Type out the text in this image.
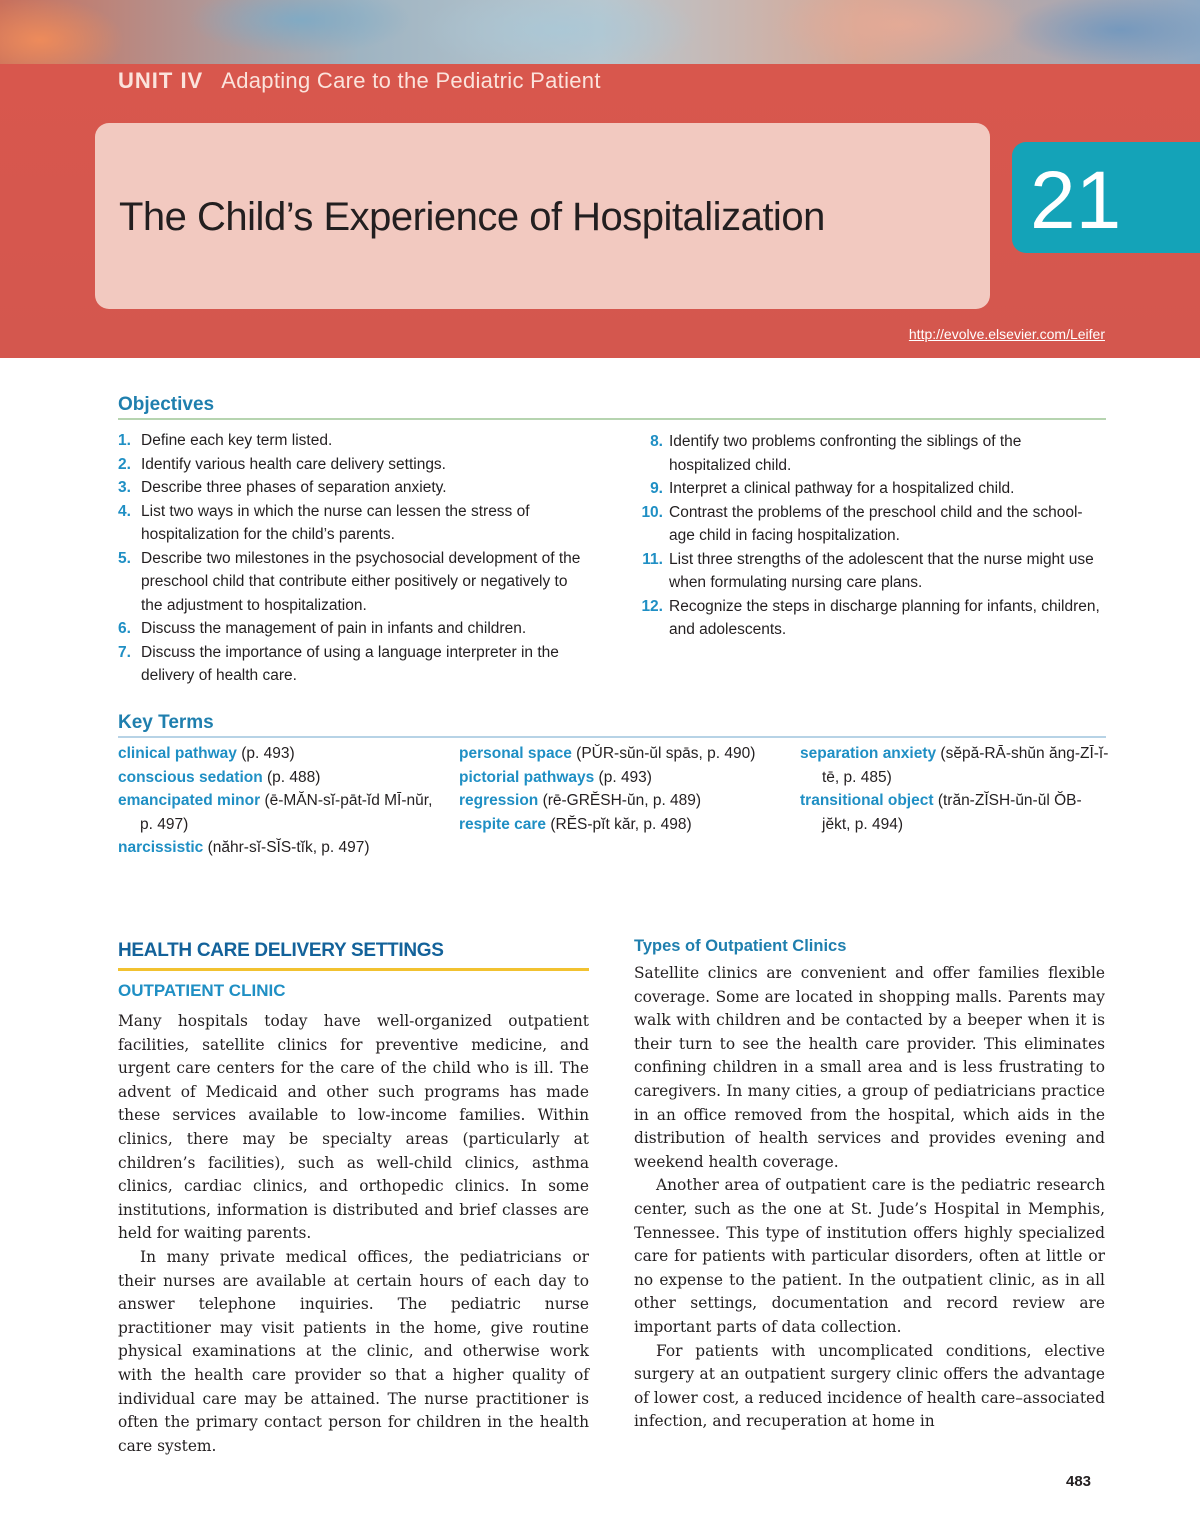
UNIT IV Adapting Care to the Pediatric Patient
The Child’s Experience of Hospitalization	21
http://evolve.elsevier.com/Leifer
Objectives
1. Define each key term listed.
2. Identify various health care delivery settings.
3. Describe three phases of separation anxiety.
4. List two ways in which the nurse can lessen the stress of hospitalization for the child’s parents.
5. Describe two milestones in the psychosocial development of the preschool child that contribute either positively or negatively to the adjustment to hospitalization.
6. Discuss the management of pain in infants and children.
7. Discuss the importance of using a language interpreter in the delivery of health care.
8. Identify two problems confronting the siblings of the hospitalized child.
9. Interpret a clinical pathway for a hospitalized child.
10. Contrast the problems of the preschool child and the school-age child in facing hospitalization.
11. List three strengths of the adolescent that the nurse might use when formulating nursing care plans.
12. Recognize the steps in discharge planning for infants, children, and adolescents.
Key Terms
clinical pathway (p. 493)
conscious sedation (p. 488)
emancipated minor (ē-MĂN-sĭ-pāt-ĭd MĪ-nŭr, p. 497)
narcissistic (năhr-sĭ-SĬS-tĭk, p. 497)
personal space (PŬR-sŭn-ŭl spās, p. 490)
pictorial pathways (p. 493)
regression (rē-GRĔSH-ŭn, p. 489)
respite care (RĔS-pĭt kăr, p. 498)
separation anxiety (sĕpă-RĀ-shŭn ăng-ZĪ-ĭ-tē, p. 485)
transitional object (trăn-ZĬSH-ŭn-ŭl ŎB-jĕkt, p. 494)
HEALTH CARE DELIVERY SETTINGS
OUTPATIENT CLINIC
Types of Outpatient Clinics

Many hospitals today have well-organized outpatient facilities, satellite clinics for preventive medicine, and urgent care centers for the care of the child who is ill. The advent of Medicaid and other such programs has made these services available to low-income families. Within clinics, there may be specialty areas (particularly at children’s facilities), such as well-child clinics, asthma clinics, cardiac clinics, and orthopedic clinics. In some institutions, information is distributed and brief classes are held for waiting parents.

In many private medical offices, the pediatricians or their nurses are available at certain hours of each day to answer telephone inquiries. The pediatric nurse practitioner may visit patients in the home, give routine physical examinations at the clinic, and otherwise work with the health care provider so that a higher quality of individual care may be attained. The nurse practitioner is often the primary contact person for children in the health care system.

Satellite clinics are convenient and offer families flexible coverage. Some are located in shopping malls. Parents may walk with children and be contacted by a beeper when it is their turn to see the health care provider. This eliminates confining children in a small area and is less frustrating to caregivers. In many cities, a group of pediatricians practice in an office removed from the hospital, which aids in the distribution of health services and provides evening and weekend health coverage.

Another area of outpatient care is the pediatric research center, such as the one at St. Jude’s Hospital in Memphis, Tennessee. This type of institution offers highly specialized care for patients with particular disorders, often at little or no expense to the patient. In the outpatient clinic, as in all other settings, documentation and record review are important parts of data collection.

For patients with uncomplicated conditions, elective surgery at an outpatient surgery clinic offers the advantage of lower cost, a reduced incidence of health care–associated infection, and recuperation at home in

483
